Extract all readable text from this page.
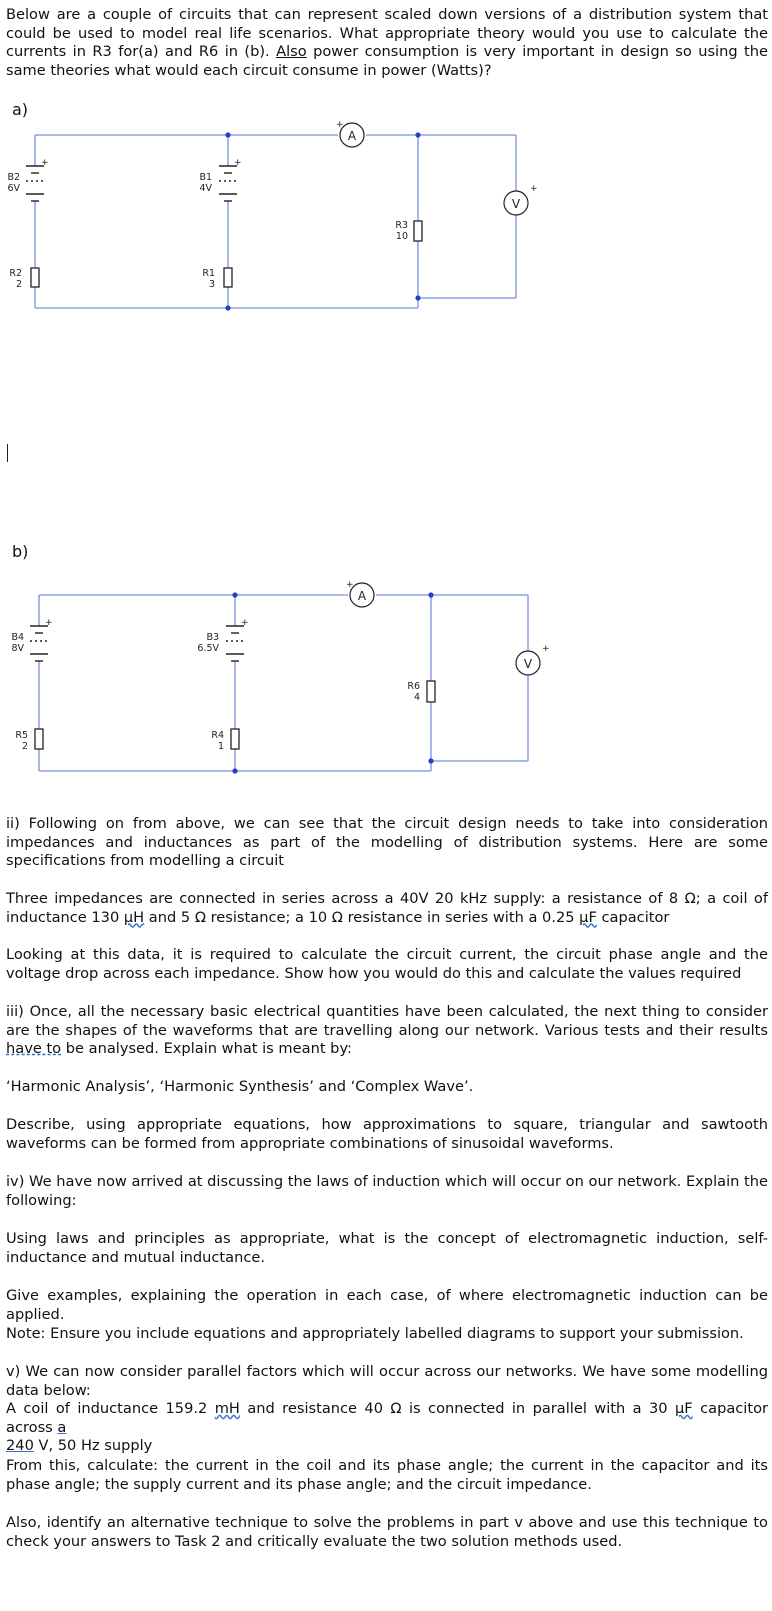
Below are a couple of circuits that can represent scaled down versions of a distribution system that could be used to model real life scenarios. What appropriate theory would you use to calculate the currents in R3 for(a) and R6 in (b). Also power consumption is very important in design so using the same theories what would each circuit consume in power (Watts)?

a)
A
+
V
+
+	+
B2
6V
B1
4V
R2
2
R1
3
R3
10
b)
A
+
V
+
+	+
B4
8V
B3
6.5V
R5
2
R4
1
R6
4

ii) Following on from above, we can see that the circuit design needs to take into consideration impedances and inductances as part of the modelling of distribution systems. Here are some specifications from modelling a circuit

Three impedances are connected in series across a 40V 20 kHz supply: a resistance of 8 Ω; a coil of inductance 130 μH and 5 Ω resistance; a 10 Ω resistance in series with a 0.25 μF capacitor

Looking at this data, it is required to calculate the circuit current, the circuit phase angle and the voltage drop across each impedance. Show how you would do this and calculate the values required

iii) Once, all the necessary basic electrical quantities have been calculated, the next thing to consider are the shapes of the waveforms that are travelling along our network. Various tests and their results have to be analysed. Explain what is meant by:

‘Harmonic Analysis’, ‘Harmonic Synthesis’ and ‘Complex Wave’.

Describe, using appropriate equations, how approximations to square, triangular and sawtooth waveforms can be formed from appropriate combinations of sinusoidal waveforms.

iv) We have now arrived at discussing the laws of induction which will occur on our network. Explain the following:

Using laws and principles as appropriate, what is the concept of electromagnetic induction, self-inductance and mutual inductance.

Give examples, explaining the operation in each case, of where electromagnetic induction can be applied.

Note: Ensure you include equations and appropriately labelled diagrams to support your submission.

v) We can now consider parallel factors which will occur across our networks. We have some modelling data below:
A coil of inductance 159.2 mH and resistance 40 Ω is connected in parallel with a 30 μF capacitor across a
240 V, 50 Hz supply

From this, calculate: the current in the coil and its phase angle; the current in the capacitor and its phase angle; the supply current and its phase angle; and the circuit impedance.

Also, identify an alternative technique to solve the problems in part v above and use this technique to check your answers to Task 2 and critically evaluate the two solution methods used.
